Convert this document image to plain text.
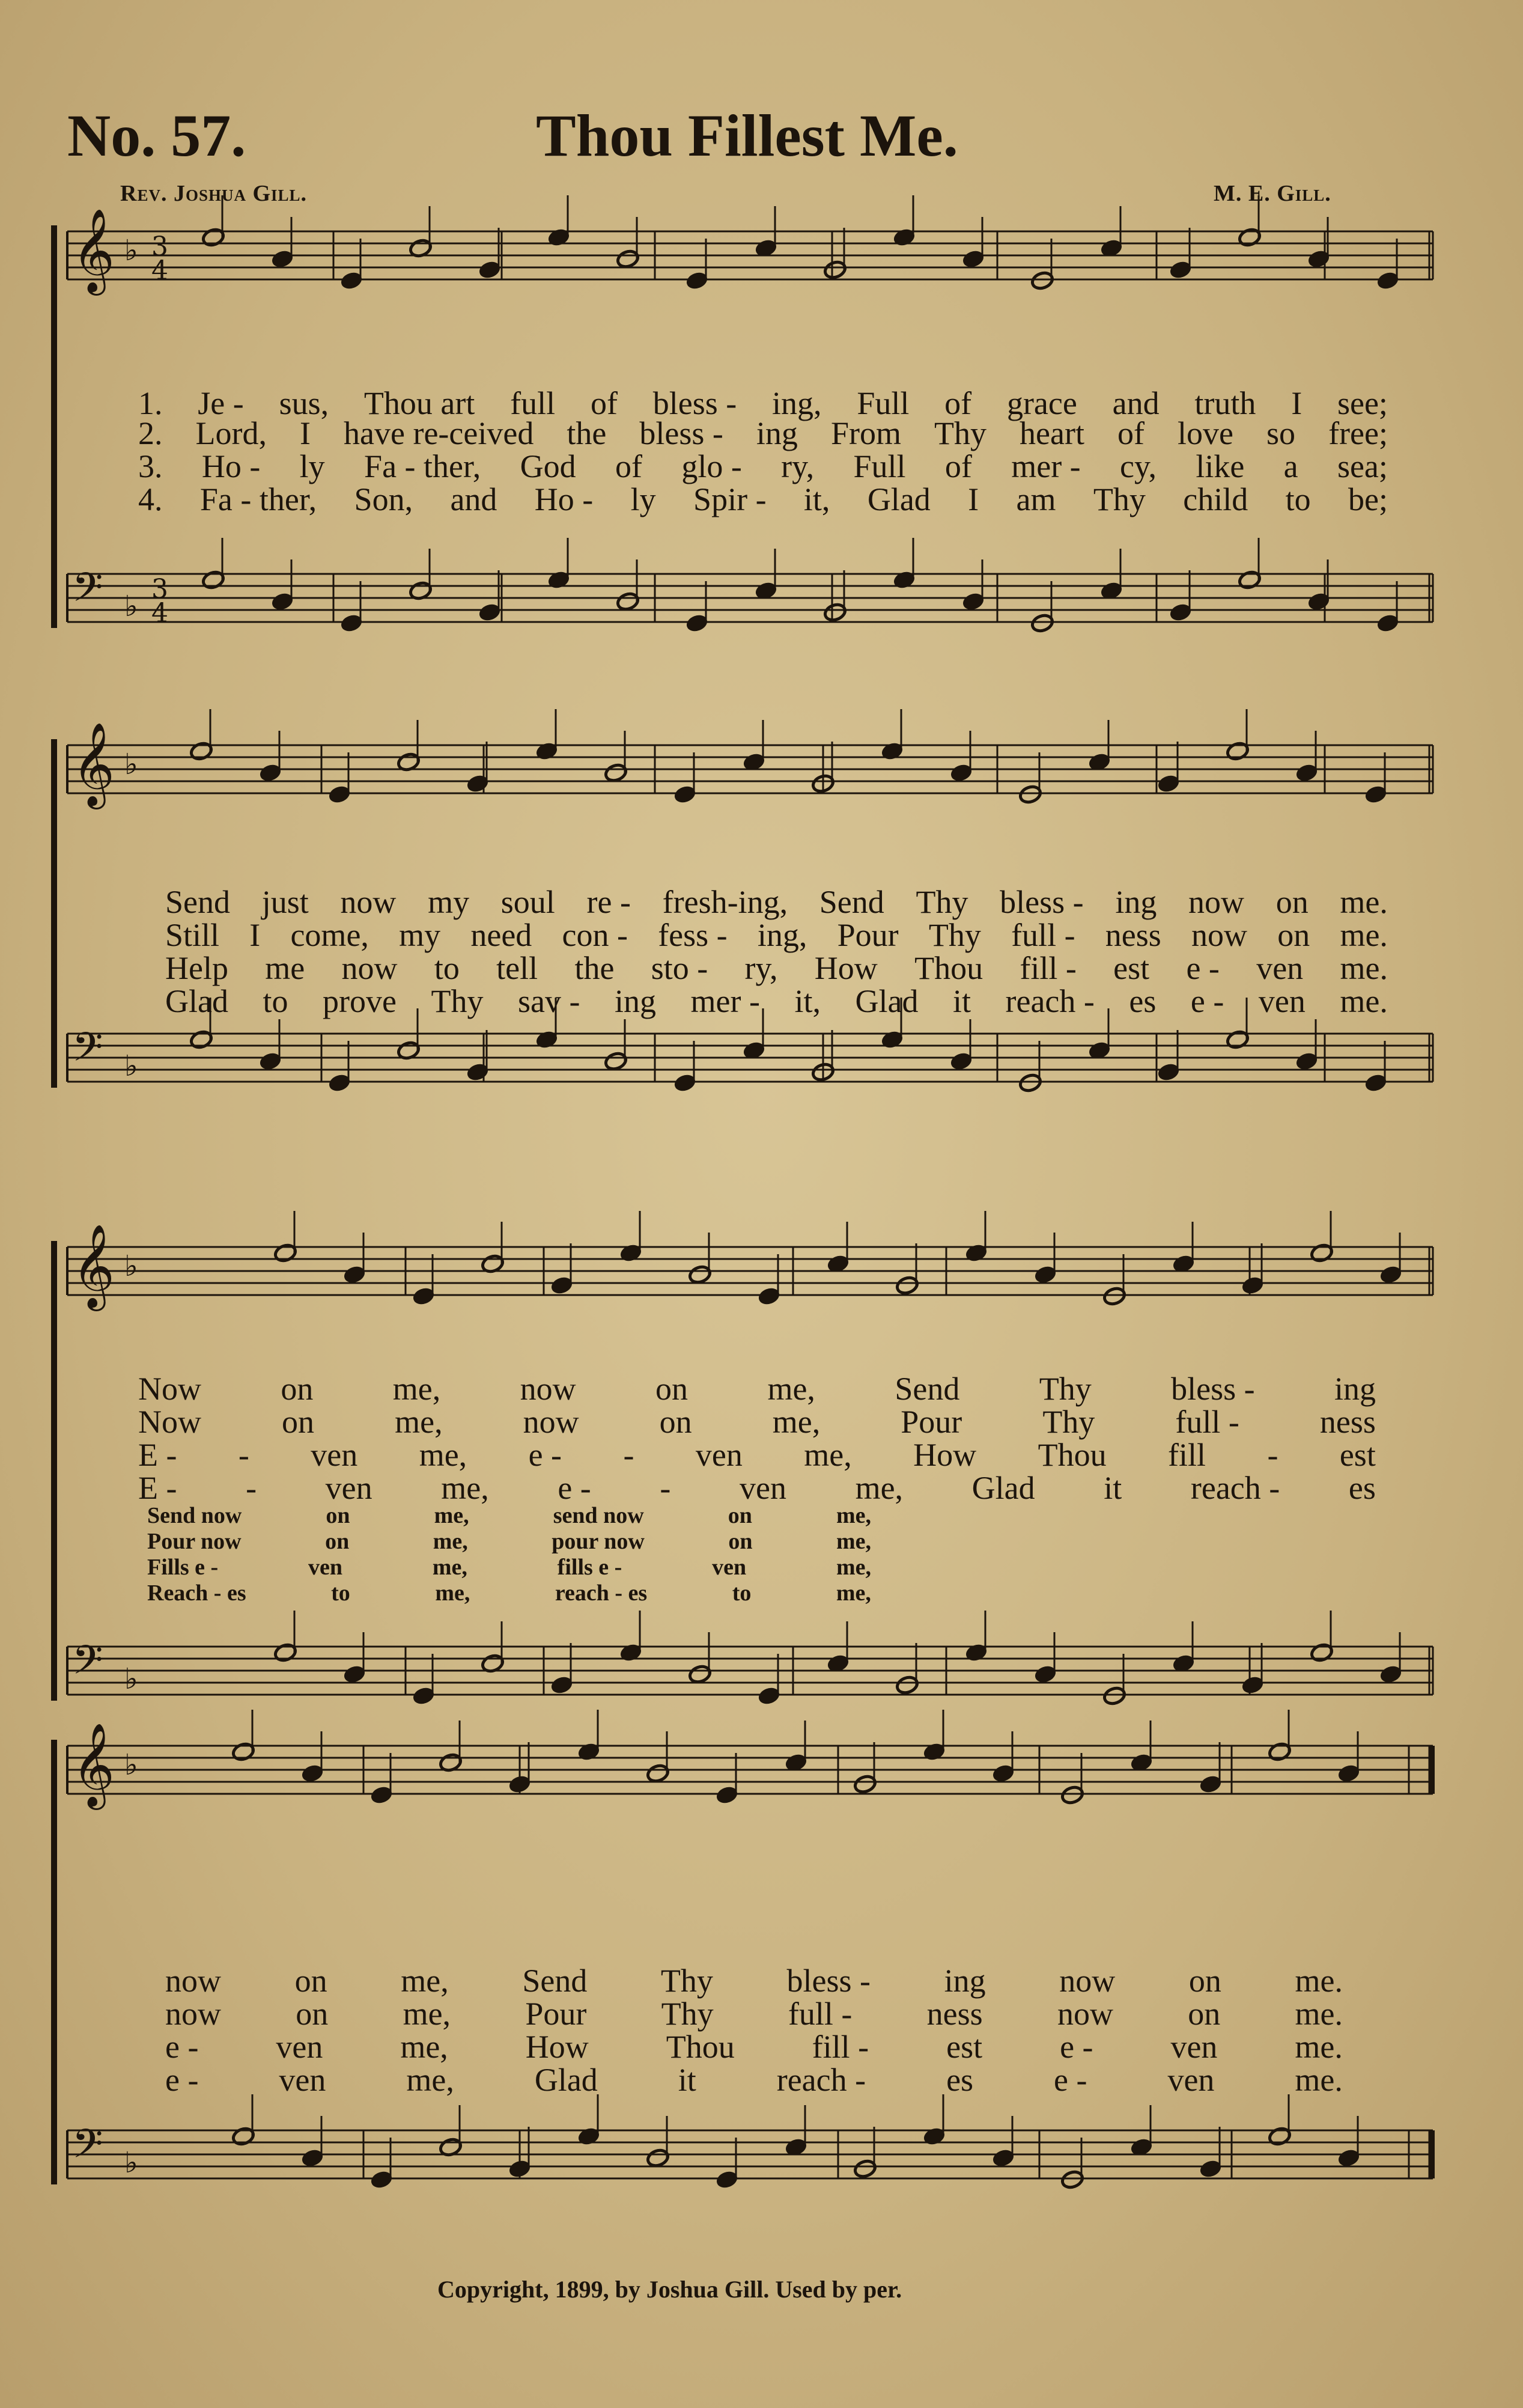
No. 57.	Thou Fillest Me.
Rev. Joshua Gill.	M. E. Gill.
𝄞 ♭ 3
4
𝄢 ♭
3
4
𝄞 ♭
𝄢 ♭
𝄞 ♭
𝄢 ♭
𝄞 ♭
𝄢 ♭
1. Je - sus, Thou art full of bless - ing, Full of grace and truth I see;
2. Lord, I have re-ceived the bless - ing From Thy heart of love so free;
3. Ho - ly Fa - ther, God of glo - ry, Full of mer - cy, like a sea;
4. Fa - ther, Son, and Ho - ly Spir - it, Glad I am Thy child to be;
Send just now my soul re - fresh-ing, Send Thy bless - ing now on me.
Still I come, my need con - fess - ing, Pour Thy full - ness now on me.
Help me now to tell the sto - ry, How Thou fill - est e - ven me.
Glad to prove Thy sav - ing mer - it, Glad it reach - es e - ven me.
Now on me, now on me, Send Thy bless - ing
Now on me, now on me, Pour Thy full - ness
E - - ven me, e - - ven me, How Thou fill - est
E - - ven me, e - - ven me, Glad it reach - es
Send now	on	me,	send now	on	me,
Pour now	on	me,	pour now	on	me,
Fills e -	ven	me,	fills e -	ven	me,
Reach - es	to	me,	reach - es	to	me,
now on me, Send Thy bless - ing now on me.
now on me, Pour Thy full - ness now on me.
e - ven me, How Thou fill - est e - ven me.
e - ven me, Glad it reach - es e - ven me.
Copyright, 1899, by Joshua Gill. Used by per.
